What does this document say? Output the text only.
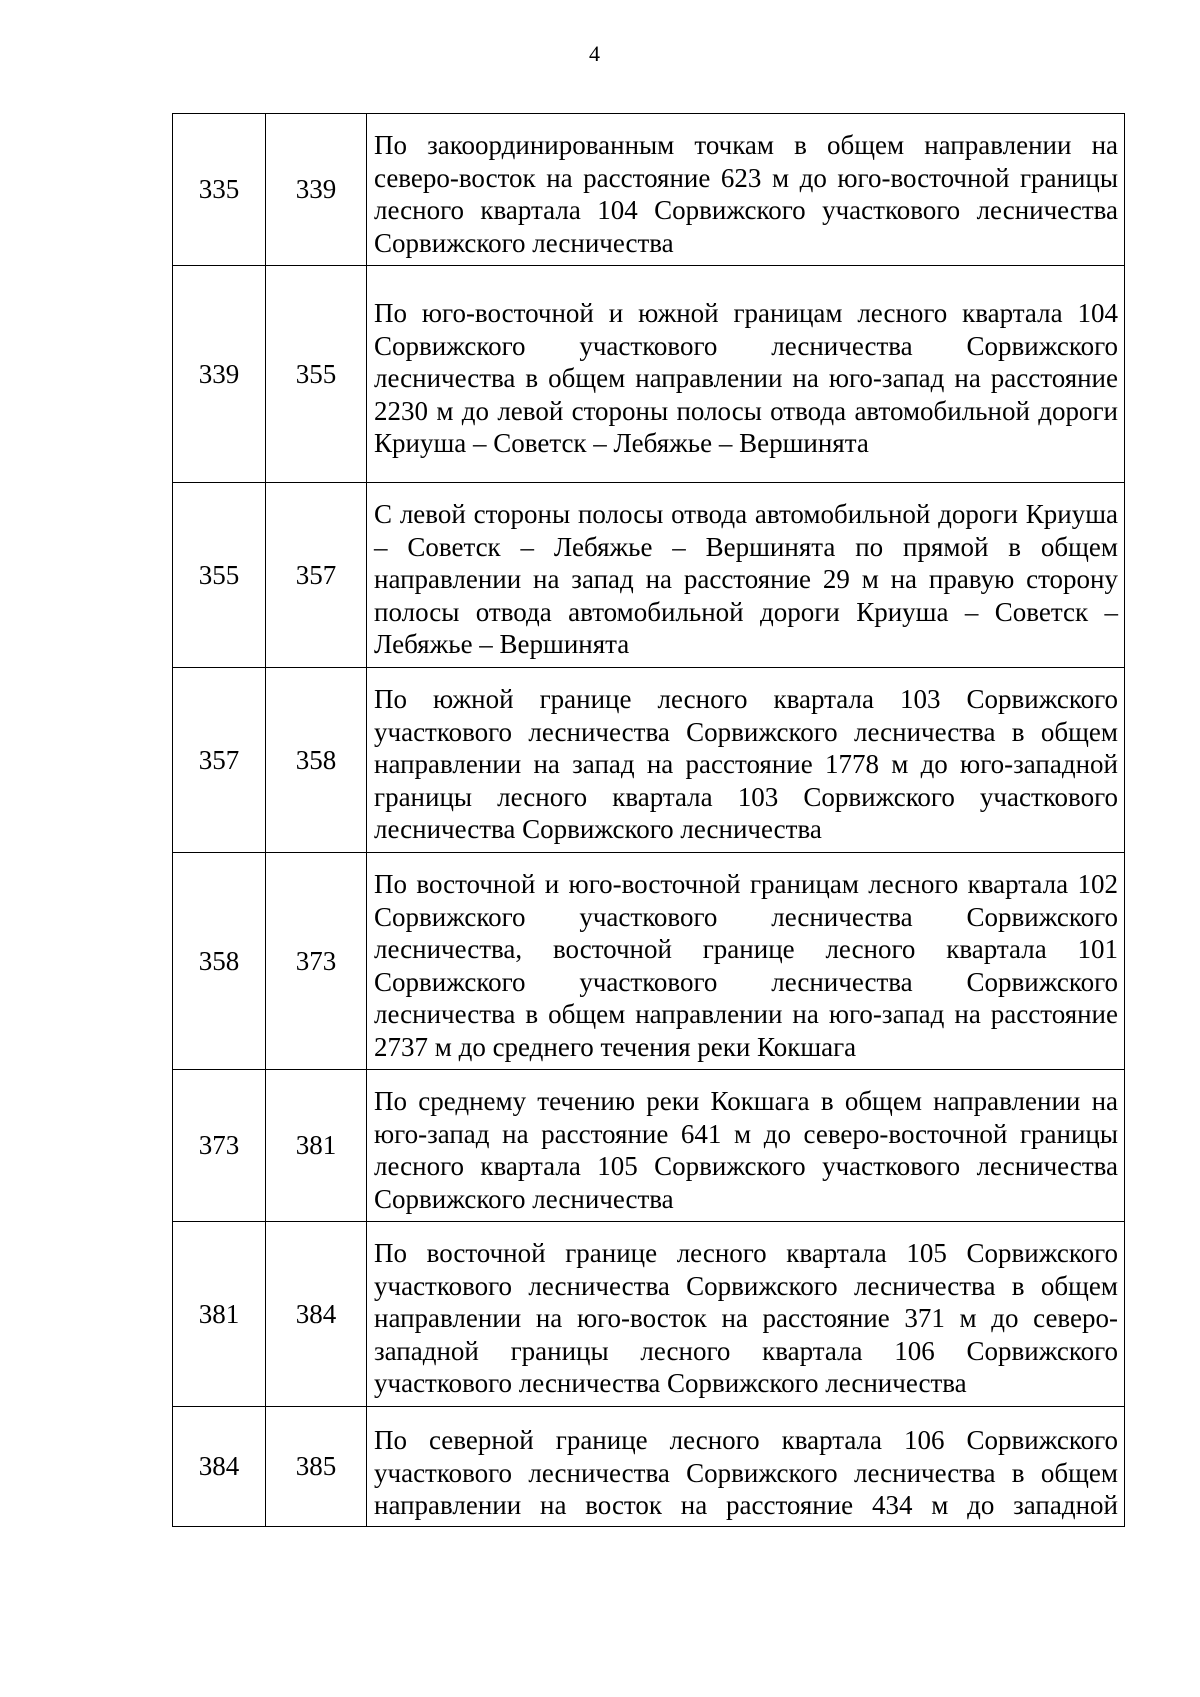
4
335	339	По закоординированным точкам в общем направлении на северо-восток на расстояние 623 м до юго-восточной границы лесного квартала 104 Сорвижского участкового лесничества Сорвижского лесничества
339	355	По юго-восточной и южной границам лесного квартала 104 Сорвижского участкового лесничества Сорвижского лесничества в общем направлении на юго-запад на расстояние 2230 м до левой стороны полосы отвода автомобильной дороги Криуша – Советск – Лебяжье – Вершинята
355	357	С левой стороны полосы отвода автомобильной дороги Криуша – Советск – Лебяжье – Вершинята по прямой в общем направлении на запад на расстояние 29 м на правую сторону полосы отвода автомобильной дороги Криуша – Советск – Лебяжье – Вершинята
357	358	По южной границе лесного квартала 103 Сорвижского участкового лесничества Сорвижского лесничества в общем направлении на запад на расстояние 1778 м до юго-западной границы лесного квартала 103 Сорвижского участкового лесничества Сорвижского лесничества
358	373	По восточной и юго-восточной границам лесного квартала 102 Сорвижского участкового лесничества Сорвижского лесничества, восточной границе лесного квартала 101 Сорвижского участкового лесничества Сорвижского лесничества в общем направлении на юго-запад на расстояние 2737 м до среднего течения реки Кокшага
373	381	По среднему течению реки Кокшага в общем направлении на юго-запад на расстояние 641 м до северо-восточной границы лесного квартала 105 Сорвижского участкового лесничества Сорвижского лесничества
381	384	По восточной границе лесного квартала 105 Сорвижского участкового лесничества Сорвижского лесничества в общем направлении на юго-восток на расстояние 371 м до северо-западной границы лесного квартала 106 Сорвижского участкового лесничества Сорвижского лесничества
384	385	По северной границе лесного квартала 106 Сорвижского участкового лесничества Сорвижского лесничества в общем направлении на восток на расстояние 434 м до западной
